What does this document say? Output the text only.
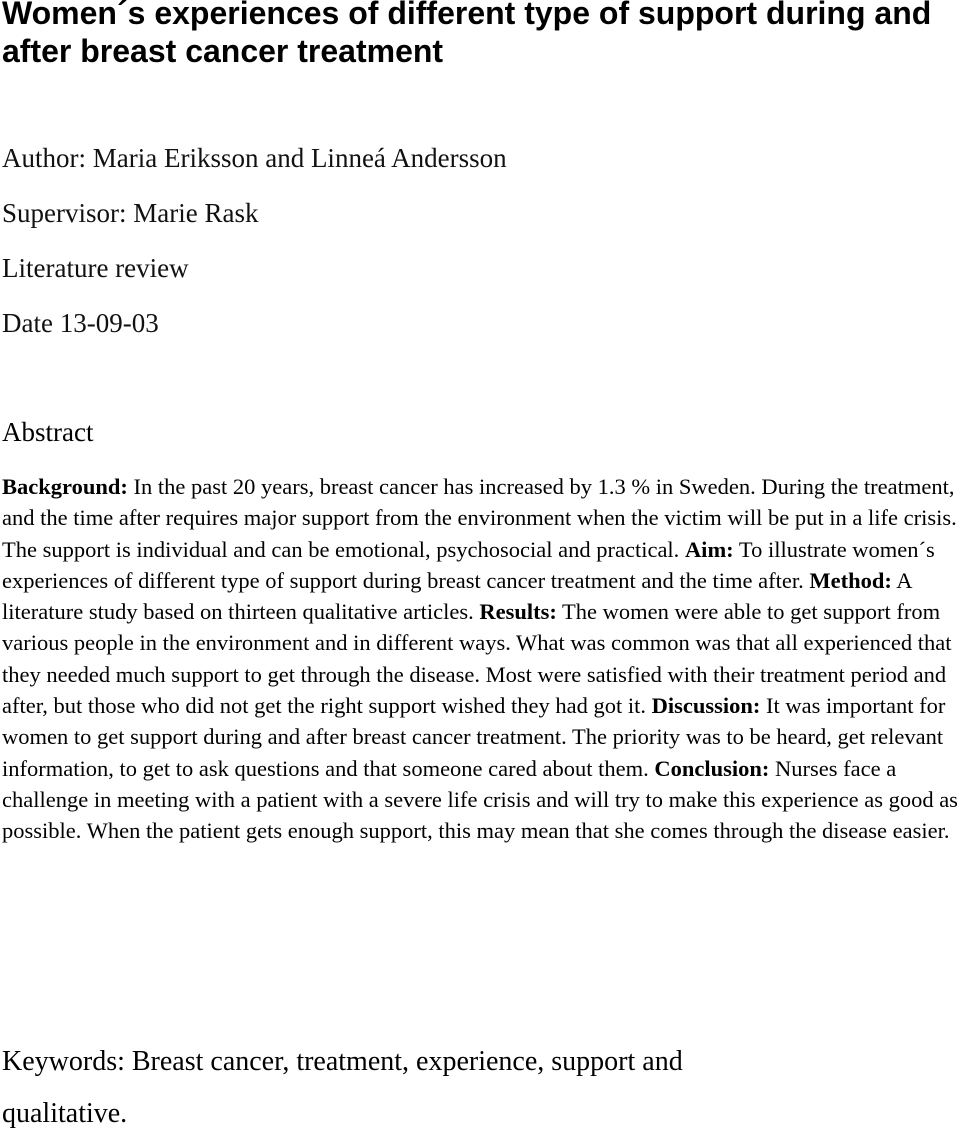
Women´s experiences of different type of support during and after breast cancer treatment

Author: Maria Eriksson and Linneá Andersson

Supervisor: Marie Rask

Literature review

Date 13-09-03

Abstract

Background: In the past 20 years, breast cancer has increased by 1.3 % in Sweden. During the treatment, and the time after requires major support from the environment when the victim will be put in a life crisis. The support is individual and can be emotional, psychosocial and practical. Aim: To illustrate women´s experiences of different type of support during breast cancer treatment and the time after. Method: A literature study based on thirteen qualitative articles. Results: The women were able to get support from various people in the environment and in different ways. What was common was that all experienced that they needed much support to get through the disease. Most were satisfied with their treatment period and after, but those who did not get the right support wished they had got it. Discussion: It was important for women to get support during and after breast cancer treatment. The priority was to be heard, get relevant information, to get to ask questions and that someone cared about them. Conclusion: Nurses face a challenge in meeting with a patient with a severe life crisis and will try to make this experience as good as possible. When the patient gets enough support, this may mean that she comes through the disease easier.

Keywords: Breast cancer, treatment, experience, support and qualitative.
